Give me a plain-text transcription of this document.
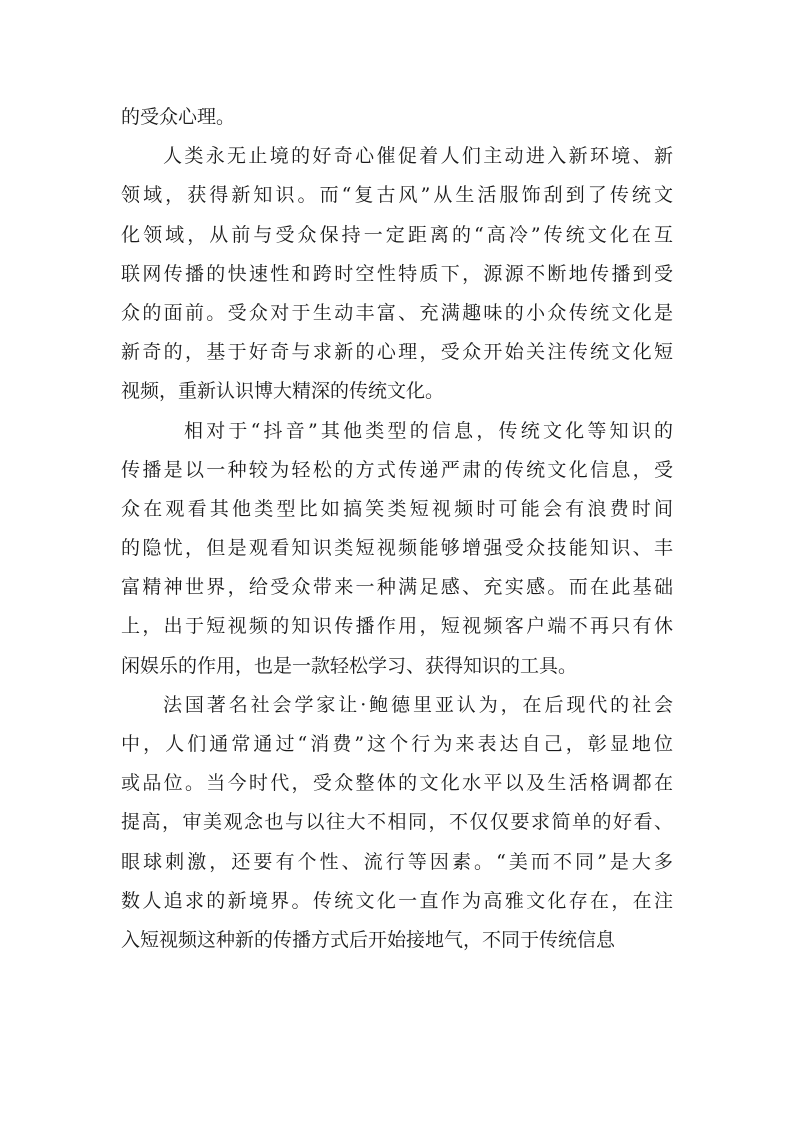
的受众心理。
人类永无止境的好奇心催促着人们主动进入新环境、新
领域，获得新知识。而“复古风”从生活服饰刮到了传统文
化领域，从前与受众保持一定距离的“高冷”传统文化在互
联网传播的快速性和跨时空性特质下，源源不断地传播到受
众的面前。受众对于生动丰富、充满趣味的小众传统文化是
新奇的，基于好奇与求新的心理，受众开始关注传统文化短
视频，重新认识博大精深的传统文化。
相对于“抖音”其他类型的信息，传统文化等知识的
传播是以一种较为轻松的方式传递严肃的传统文化信息，受
众在观看其他类型比如搞笑类短视频时可能会有浪费时间
的隐忧，但是观看知识类短视频能够增强受众技能知识、丰
富精神世界，给受众带来一种满足感、充实感。而在此基础
上，出于短视频的知识传播作用，短视频客户端不再只有休
闲娱乐的作用，也是一款轻松学习、获得知识的工具。
法国著名社会学家让·鲍德里亚认为，在后现代的社会
中，人们通常通过“消费”这个行为来表达自己，彰显地位
或品位。当今时代，受众整体的文化水平以及生活格调都在
提高，审美观念也与以往大不相同，不仅仅要求简单的好看、
眼球刺激，还要有个性、流行等因素。“美而不同”是大多
数人追求的新境界。传统文化一直作为高雅文化存在，在注
入短视频这种新的传播方式后开始接地气，不同于传统信息
